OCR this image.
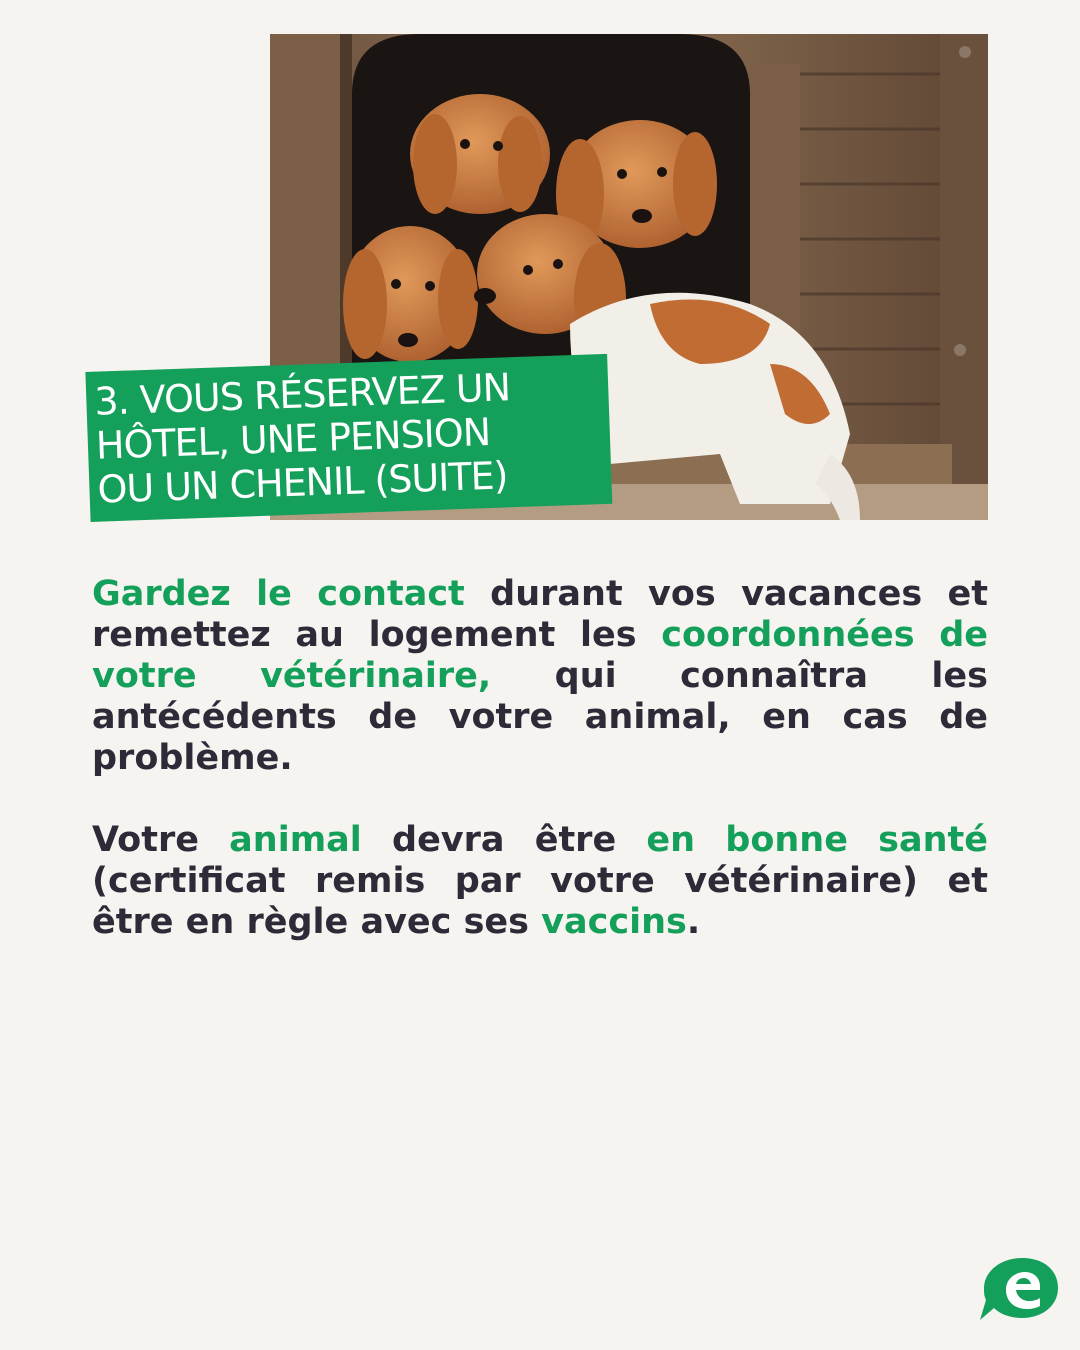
3. VOUS RÉSERVEZ UN
HÔTEL, UNE PENSION
OU UN CHENIL (SUITE)

Gardez le contact durant vos vacances et remettez au logement les coordonnées de votre vétérinaire, qui connaîtra les antécédents de votre animal, en cas de problème.

Votre animal devra être en bonne santé (certificat remis par votre vétérinaire) et être en règle avec ses vaccins.
